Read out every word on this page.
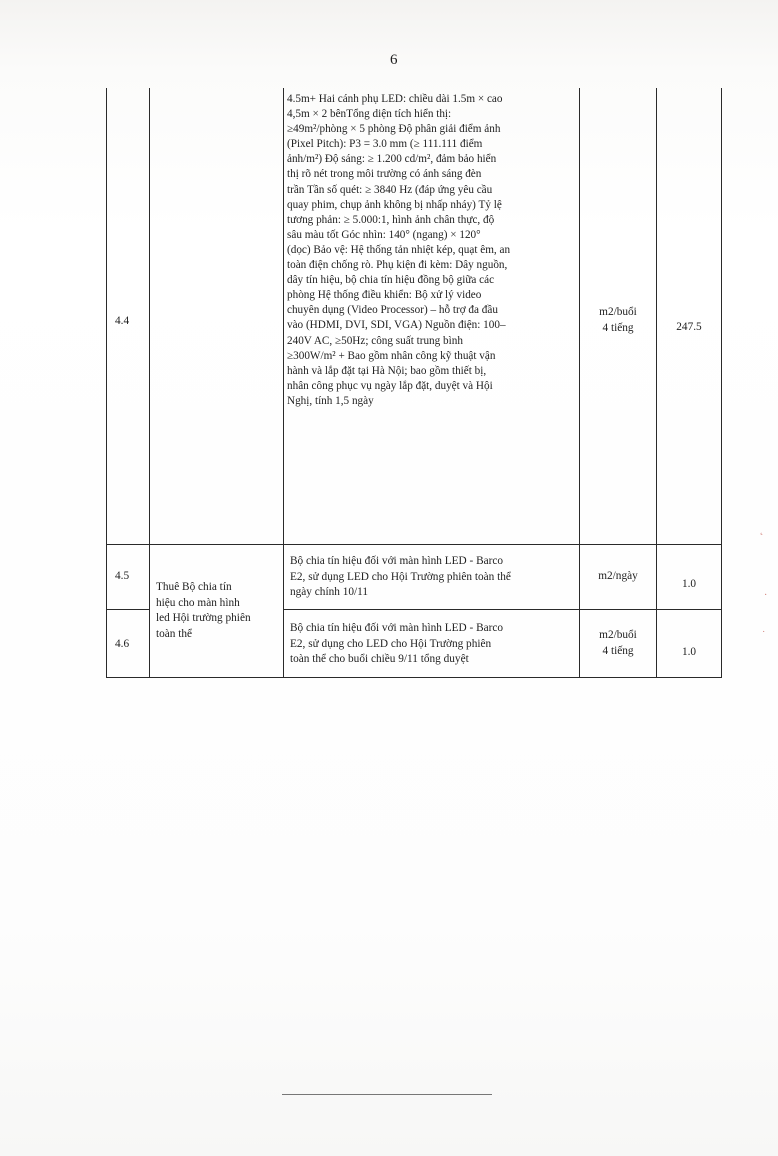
6
4.4
4.5m+ Hai cánh phụ LED: chiều dài 1.5m × cao
4,5m × 2 bênTổng diện tích hiển thị:
≥49m²/phòng × 5 phòng Độ phân giải điểm ảnh
(Pixel Pitch): P3 = 3.0 mm (≥ 111.111 điểm
ảnh/m²) Độ sáng: ≥ 1.200 cd/m², đảm bảo hiển
thị rõ nét trong môi trường có ánh sáng đèn
trần Tần số quét: ≥ 3840 Hz (đáp ứng yêu cầu
quay phim, chụp ảnh không bị nhấp nháy) Tỷ lệ
tương phản: ≥ 5.000:1, hình ảnh chân thực, độ
sâu màu tốt Góc nhìn: 140° (ngang) × 120°
(dọc) Bảo vệ: Hệ thống tản nhiệt kép, quạt êm, an
toàn điện chống rò. Phụ kiện đi kèm: Dây nguồn,
dây tín hiệu, bộ chia tín hiệu đồng bộ giữa các
phòng Hệ thống điều khiển: Bộ xử lý video
chuyên dụng (Video Processor) – hỗ trợ đa đầu
vào (HDMI, DVI, SDI, VGA) Nguồn điện: 100–
240V AC, ≥50Hz; công suất trung bình
≥300W/m² + Bao gồm nhân công kỹ thuật vận
hành và lắp đặt tại Hà Nội; bao gồm thiết bị,
nhân công phục vụ ngày lắp đặt, duyệt và Hội
Nghị, tính 1,5 ngày
m2/buổi
4 tiếng	247.5
4.5
Bộ chia tín hiệu đối với màn hình LED - Barco
E2, sử dụng LED cho Hội Trường phiên toàn thể
ngày chính 10/11
m2/ngày
1.0
Thuê Bộ chia tín
hiệu cho màn hình
led Hội trường phiên
toàn thể
4.6
Bộ chia tín hiệu đối với màn hình LED - Barco
E2, sử dụng cho LED cho Hội Trường phiên
toàn thể cho buổi chiều 9/11 tổng duyệt
m2/buổi
4 tiếng	1.0
˛
·
˙
